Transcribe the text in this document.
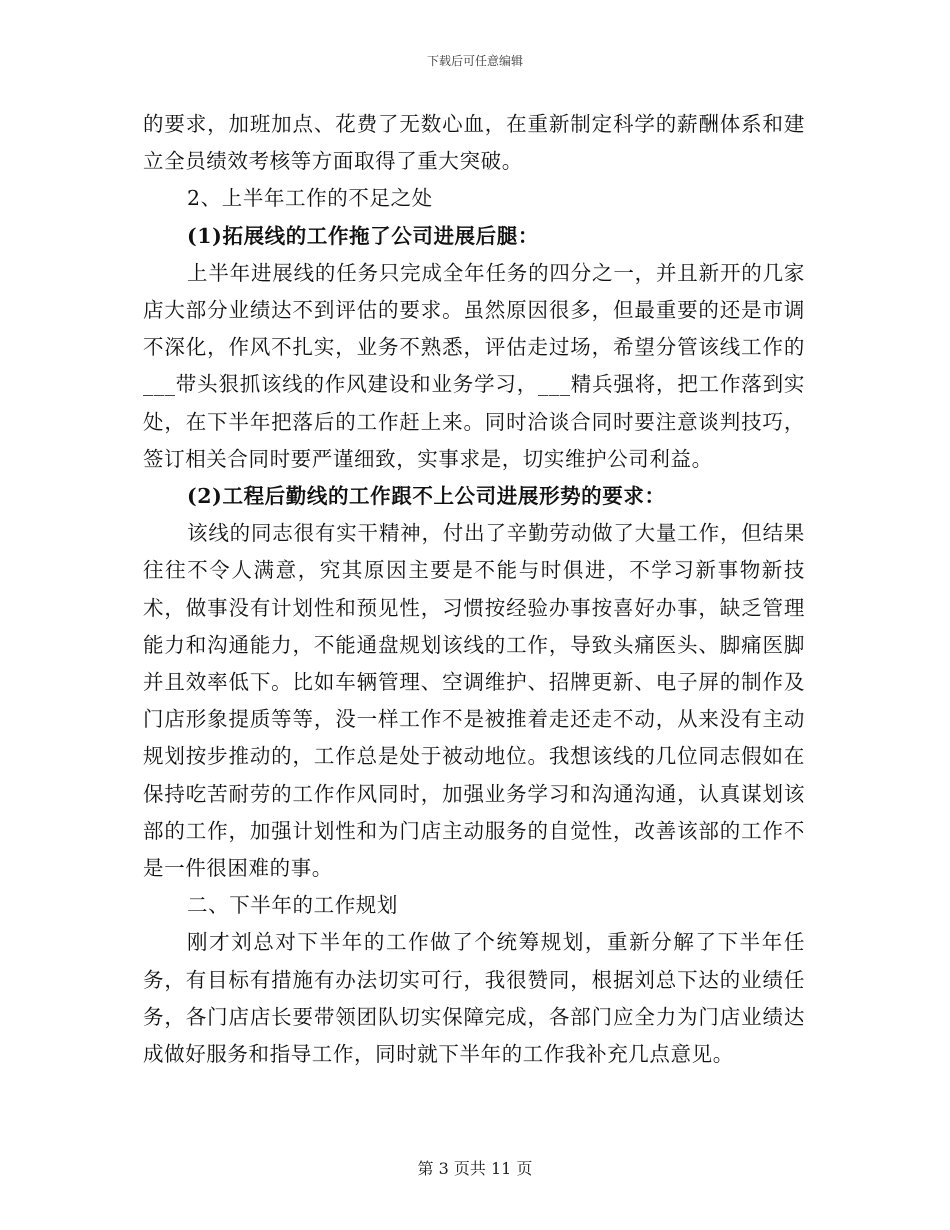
下载后可任意编辑

的要求，加班加点、花费了无数心血，在重新制定科学的薪酬体系和建立全员绩效考核等方面取得了重大突破。

2、上半年工作的不足之处

(1)拓展线的工作拖了公司进展后腿：

上半年进展线的任务只完成全年任务的四分之一，并且新开的几家店大部分业绩达不到评估的要求。虽然原因很多，但最重要的还是市调不深化，作风不扎实，业务不熟悉，评估走过场，希望分管该线工作的___带头狠抓该线的作风建设和业务学习，___精兵强将，把工作落到实处，在下半年把落后的工作赶上来。同时洽谈合同时要注意谈判技巧，签订相关合同时要严谨细致，实事求是，切实维护公司利益。

(2)工程后勤线的工作跟不上公司进展形势的要求：

该线的同志很有实干精神，付出了辛勤劳动做了大量工作，但结果往往不令人满意，究其原因主要是不能与时俱进，不学习新事物新技术，做事没有计划性和预见性，习惯按经验办事按喜好办事，缺乏管理能力和沟通能力，不能通盘规划该线的工作，导致头痛医头、脚痛医脚并且效率低下。比如车辆管理、空调维护、招牌更新、电子屏的制作及门店形象提质等等，没一样工作不是被推着走还走不动，从来没有主动规划按步推动的，工作总是处于被动地位。我想该线的几位同志假如在保持吃苦耐劳的工作作风同时，加强业务学习和沟通沟通，认真谋划该部的工作，加强计划性和为门店主动服务的自觉性，改善该部的工作不是一件很困难的事。

二、下半年的工作规划

刚才刘总对下半年的工作做了个统筹规划，重新分解了下半年任务，有目标有措施有办法切实可行，我很赞同，根据刘总下达的业绩任务，各门店店长要带领团队切实保障完成，各部门应全力为门店业绩达成做好服务和指导工作，同时就下半年的工作我补充几点意见。

第 3 页共 11 页
